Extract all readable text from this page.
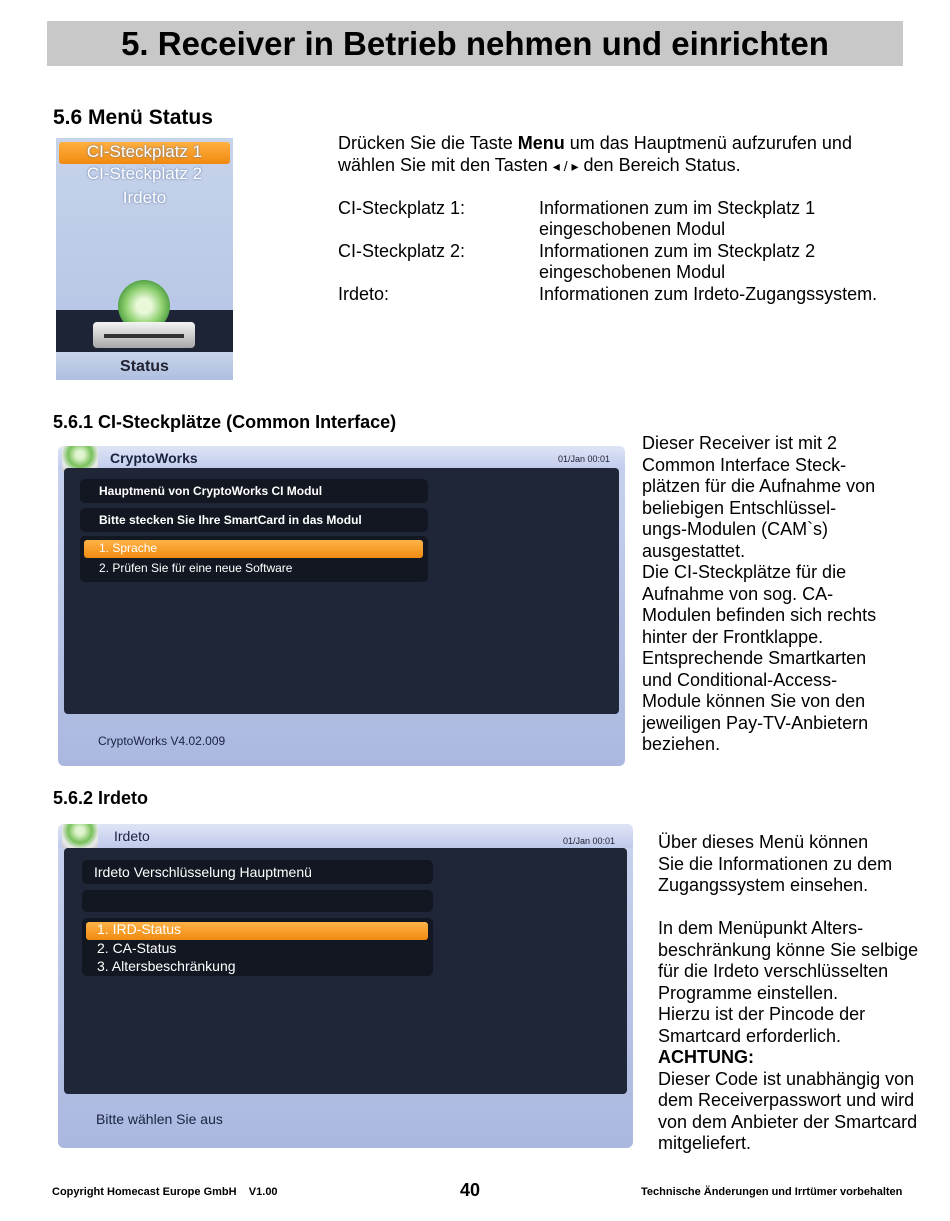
5. Receiver in Betrieb nehmen und einrichten
5.6 Menü Status
CI-Steckplatz 1
CI-Steckplatz 2
Irdeto
Status
Drücken Sie die Taste Menu um das Hauptmenü aufzurufen und
wählen Sie mit den Tasten ◂ / ▸ den Bereich Status.
CI-Steckplatz 1:	Informationen zum im Steckplatz 1
eingeschobenen Modul
CI-Steckplatz 2:	Informationen zum im Steckplatz 2
eingeschobenen Modul
Irdeto:	Informationen zum Irdeto-Zugangssystem.
5.6.1 CI-Steckplätze (Common Interface)
CryptoWorks	01/Jan 00:01
Hauptmenü von CryptoWorks CI Modul
Bitte stecken Sie Ihre SmartCard in das Modul
1. Sprache
2. Prüfen Sie für eine neue Software
CryptoWorks V4.02.009
Dieser Receiver ist mit 2
Common Interface Steck-
plätzen für die Aufnahme von
beliebigen Entschlüssel-
ungs-Modulen (CAM`s)
ausgestattet.
Die CI-Steckplätze für die
Aufnahme von sog. CA-
Modulen befinden sich rechts
hinter der Frontklappe.
Entsprechende Smartkarten
und Conditional-Access-
Module können Sie von den
jeweiligen Pay-TV-Anbietern
beziehen.
5.6.2 Irdeto
Irdeto	01/Jan 00:01
Irdeto Verschlüsselung Hauptmenü
1. IRD-Status
2. CA-Status
3. Altersbeschränkung
Bitte wählen Sie aus
Über dieses Menü können
Sie die Informationen zu dem
Zugangssystem einsehen.
In dem Menüpunkt Alters-
beschränkung könne Sie selbige
für die Irdeto verschlüsselten
Programme einstellen.
Hierzu ist der Pincode der
Smartcard erforderlich.
ACHTUNG:
Dieser Code ist unabhängig von
dem Receiverpasswort und wird
von dem Anbieter der Smartcard
mitgeliefert.
Copyright Homecast Europe GmbH    V1.00	40	Technische Änderungen und Irrtümer vorbehalten
